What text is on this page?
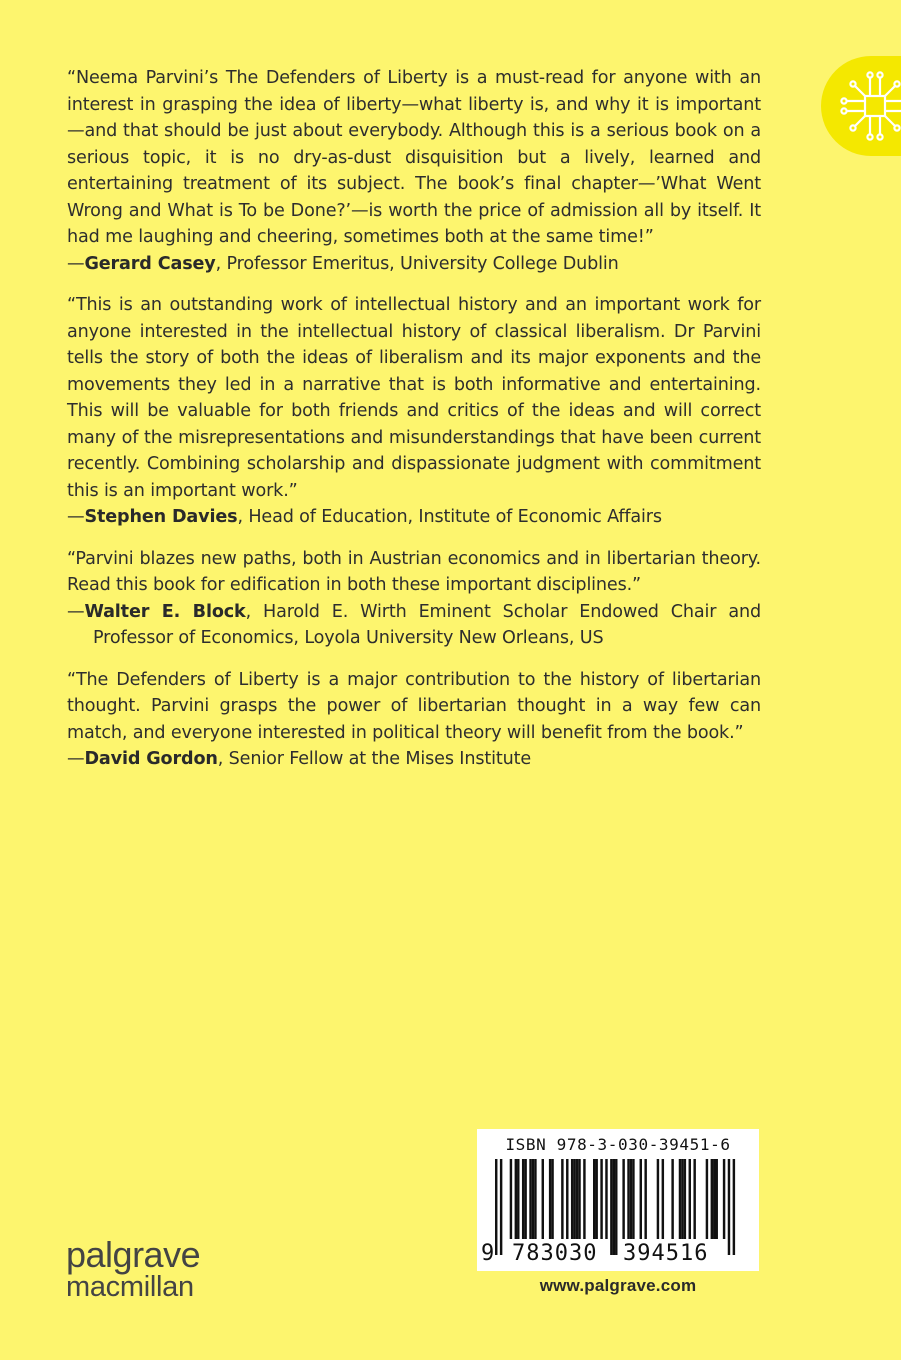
“Neema Parvini’s The Defenders of Liberty is a must-read for anyone with an interest in grasping the idea of liberty—what liberty is, and why it is important—and that should be just about everybody. Although this is a serious book on a serious topic, it is no dry-as-dust disquisition but a lively, learned and entertaining treatment of its subject. The book’s final chapter—’What Went Wrong and What is To be Done?’—is worth the price of admission all by itself. It had me laughing and cheering, sometimes both at the same time!”

—Gerard Casey, Professor Emeritus, University College Dublin

“This is an outstanding work of intellectual history and an important work for anyone interested in the intellectual history of classical liberalism. Dr Parvini tells the story of both the ideas of liberalism and its major exponents and the movements they led in a narrative that is both informative and entertaining. This will be valuable for both friends and critics of the ideas and will correct many of the misrepresentations and misunderstandings that have been current recently. Combining scholarship and dispassionate judgment with commitment this is an important work.”

—Stephen Davies, Head of Education, Institute of Economic Affairs

“Parvini blazes new paths, both in Austrian economics and in libertarian theory. Read this book for edification in both these important disciplines.”

—Walter E. Block, Harold E. Wirth Eminent Scholar Endowed Chair and Professor of Economics, Loyola University New Orleans, US

“The Defenders of Liberty is a major contribution to the history of libertarian thought. Parvini grasps the power of libertarian thought in a way few can match, and everyone interested in political theory will benefit from the book.”

—David Gordon, Senior Fellow at the Mises Institute

palgrave
macmillan
ISBN 978-3-030-39451-6
9 783030 394516
www.palgrave.com
